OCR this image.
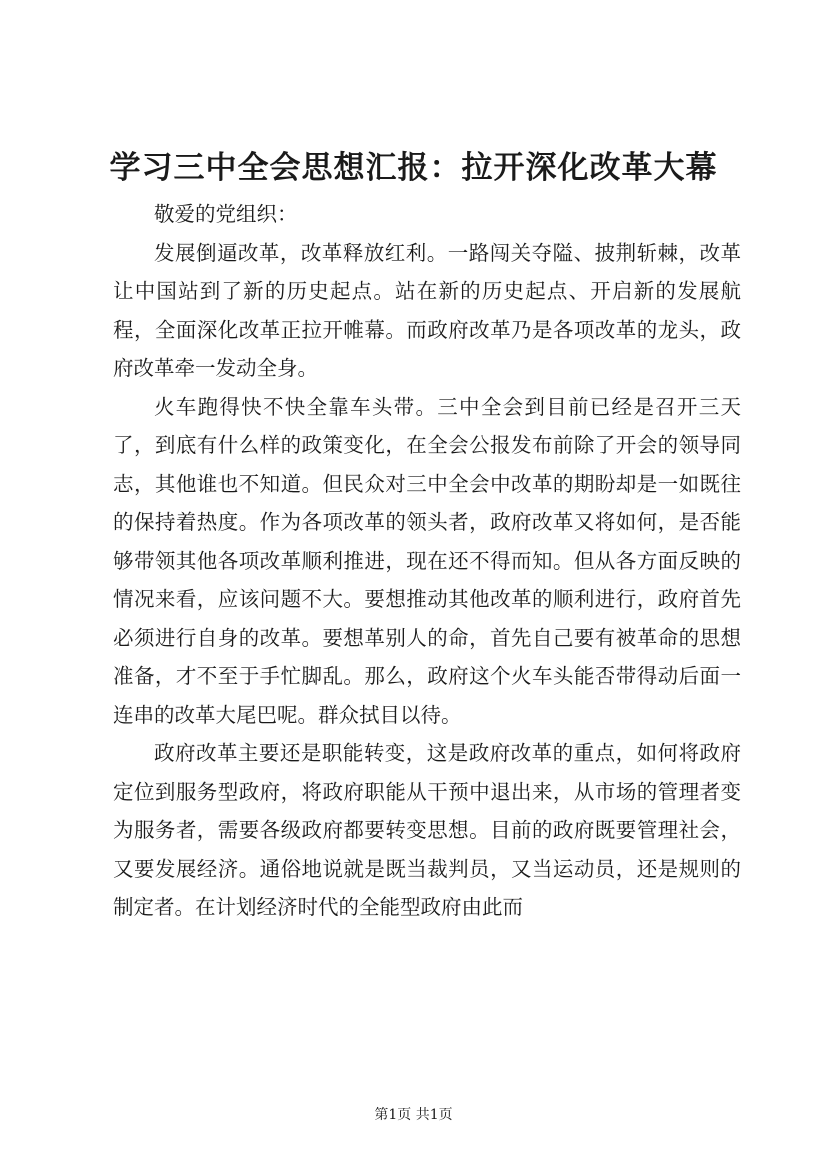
学习三中全会思想汇报：拉开深化改革大幕

敬爱的党组织：

发展倒逼改革，改革释放红利。一路闯关夺隘、披荆斩棘，改革让中国站到了新的历史起点。站在新的历史起点、开启新的发展航程，全面深化改革正拉开帷幕。而政府改革乃是各项改革的龙头，政府改革牵一发动全身。

火车跑得快不快全靠车头带。三中全会到目前已经是召开三天了，到底有什么样的政策变化，在全会公报发布前除了开会的领导同志，其他谁也不知道。但民众对三中全会中改革的期盼却是一如既往的保持着热度。作为各项改革的领头者，政府改革又将如何，是否能够带领其他各项改革顺利推进，现在还不得而知。但从各方面反映的情况来看，应该问题不大。要想推动其他改革的顺利进行，政府首先必须进行自身的改革。要想革别人的命，首先自己要有被革命的思想准备，才不至于手忙脚乱。那么，政府这个火车头能否带得动后面一连串的改革大尾巴呢。群众拭目以待。

政府改革主要还是职能转变，这是政府改革的重点，如何将政府定位到服务型政府，将政府职能从干预中退出来，从市场的管理者变为服务者，需要各级政府都要转变思想。目前的政府既要管理社会，又要发展经济。通俗地说就是既当裁判员，又当运动员，还是规则的制定者。在计划经济时代的全能型政府由此而

第1页 共1页
